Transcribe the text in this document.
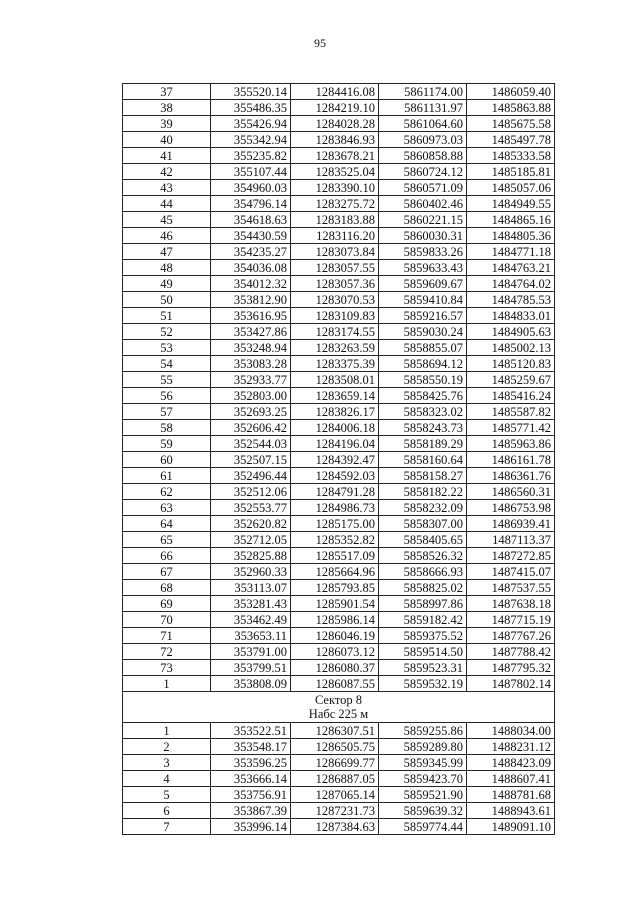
95
37	355520.14	1284416.08	5861174.00	1486059.40
38	355486.35	1284219.10	5861131.97	1485863.88
39	355426.94	1284028.28	5861064.60	1485675.58
40	355342.94	1283846.93	5860973.03	1485497.78
41	355235.82	1283678.21	5860858.88	1485333.58
42	355107.44	1283525.04	5860724.12	1485185.81
43	354960.03	1283390.10	5860571.09	1485057.06
44	354796.14	1283275.72	5860402.46	1484949.55
45	354618.63	1283183.88	5860221.15	1484865.16
46	354430.59	1283116.20	5860030.31	1484805.36
47	354235.27	1283073.84	5859833.26	1484771.18
48	354036.08	1283057.55	5859633.43	1484763.21
49	354012.32	1283057.36	5859609.67	1484764.02
50	353812.90	1283070.53	5859410.84	1484785.53
51	353616.95	1283109.83	5859216.57	1484833.01
52	353427.86	1283174.55	5859030.24	1484905.63
53	353248.94	1283263.59	5858855.07	1485002.13
54	353083.28	1283375.39	5858694.12	1485120.83
55	352933.77	1283508.01	5858550.19	1485259.67
56	352803.00	1283659.14	5858425.76	1485416.24
57	352693.25	1283826.17	5858323.02	1485587.82
58	352606.42	1284006.18	5858243.73	1485771.42
59	352544.03	1284196.04	5858189.29	1485963.86
60	352507.15	1284392.47	5858160.64	1486161.78
61	352496.44	1284592.03	5858158.27	1486361.76
62	352512.06	1284791.28	5858182.22	1486560.31
63	352553.77	1284986.73	5858232.09	1486753.98
64	352620.82	1285175.00	5858307.00	1486939.41
65	352712.05	1285352.82	5858405.65	1487113.37
66	352825.88	1285517.09	5858526.32	1487272.85
67	352960.33	1285664.96	5858666.93	1487415.07
68	353113.07	1285793.85	5858825.02	1487537.55
69	353281.43	1285901.54	5858997.86	1487638.18
70	353462.49	1285986.14	5859182.42	1487715.19
71	353653.11	1286046.19	5859375.52	1487767.26
72	353791.00	1286073.12	5859514.50	1487788.42
73	353799.51	1286080.37	5859523.31	1487795.32
1	353808.09	1286087.55	5859532.19	1487802.14

Сектор 8
Набс 225 м				

1	353522.51	1286307.51	5859255.86	1488034.00
2	353548.17	1286505.75	5859289.80	1488231.12
3	353596.25	1286699.77	5859345.99	1488423.09
4	353666.14	1286887.05	5859423.70	1488607.41
5	353756.91	1287065.14	5859521.90	1488781.68
6	353867.39	1287231.73	5859639.32	1488943.61
7	353996.14	1287384.63	5859774.44	1489091.10
